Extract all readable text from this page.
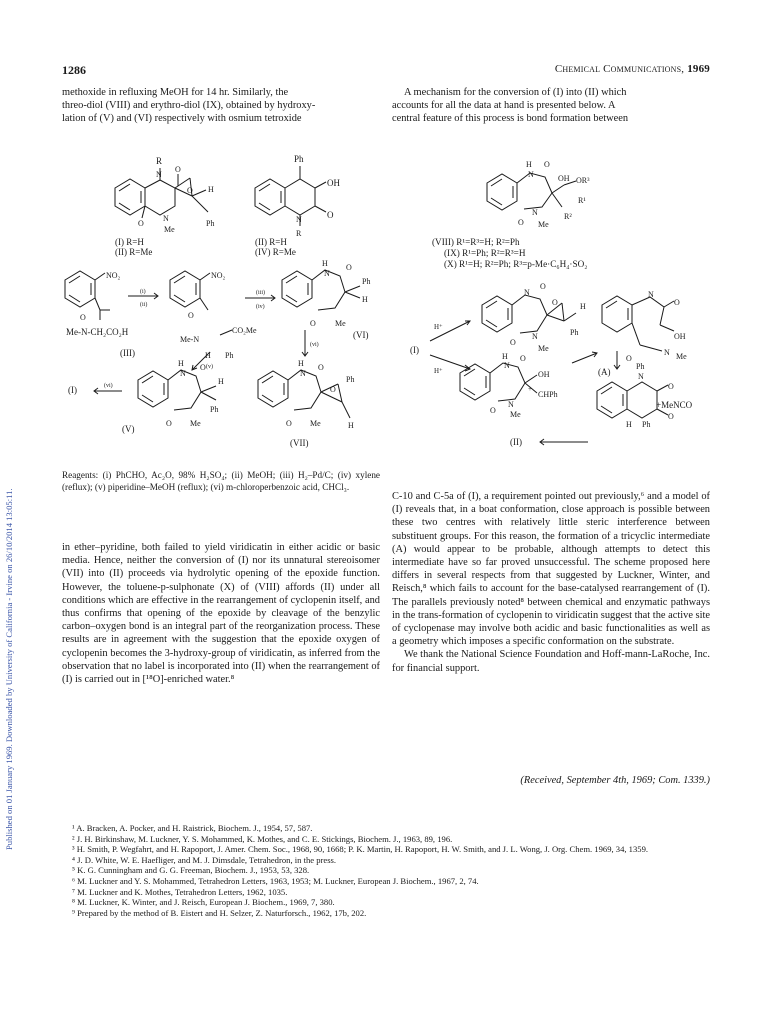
Published on 01 January 1969. Downloaded by University of California - Irvine on 26/10/2014 13:05:11.
1286	Chemical Communications, 1969

methoxide in refluxing MeOH for 14 hr. Similarly, the

threo-diol (VIII) and erythro-diol (IX), obtained by hydroxy-

lation of (V) and (VI) respectively with osmium tetroxide

A mechanism for the conversion of (I) into (II) which

accounts for all the data at hand is presented below. A

central feature of this process is bond formation between

R
N
O
N
Me
O
H
Ph
O
(I) R=H
(II) R=Me
Ph
OH
O
N
R
(II) R=H
(IV) R=Me
NO₂
O
Me-N-CH₂CO₂H
(III)
(i)
(ii)
NO₂
O
Me-N
CO₂Me
H Ph
(iii)
(iv)
H
N
O
Ph
H
O Me
(VI)
(vi)
(v)
(I)	(vi)
H
N
O
H
Ph
O Me
(V)
H
N
O
O
Ph
H
O Me
(VII)
H
N
O
OH OR³
R¹
R²
N
O Me
(VIII) R¹=R³=H; R²=Ph
(IX) R¹=Ph; R²=R³=H
(X) R¹=H; R²=Ph; R³=p-Me·C₆H₄·SO₂
(I)
H⁺
H⁺
N
O
O	H
Ph
N
Me
O
N
O
OH
N Me
O
Ph
(A)
H
N
O
OH
CHPh
+
N
O Me
N
O
O
H Ph
+MeNCO
(II)
Reagents: (i) PhCHO, Ac₂O, 98% H₂SO₄; (ii) MeOH; (iii) H₂–Pd/C; (iv) xylene (reflux); (v) piperidine–MeOH (reflux); (vi) m-chloroperbenzoic acid, CHCl₃.

in ether–pyridine, both failed to yield viridicatin in either acidic or basic media. Hence, neither the conversion of (I) nor its unnatural stereoisomer (VII) into (II) proceeds via hydrolytic opening of the epoxide function. However, the toluene-p-sulphonate (X) of (VIII) affords (II) under all conditions which are effective in the rearrangement of cyclopenin itself, and thus confirms that opening of the epoxide by cleavage of the benzylic carbon–oxygen bond is an integral part of the reorganization process. These results are in agreement with the suggestion that the epoxide oxygen of cyclopenin becomes the 3-hydroxy-group of viridicatin, as inferred from the observation that no label is incorporated into (II) when the rearrangement of (I) is carried out in [¹⁸O]-enriched water.⁸

C-10 and C-5a of (I), a requirement pointed out previously,⁶ and a model of (I) reveals that, in a boat conformation, close approach is possible between these two centres with relatively little steric interference between substituent groups. For this reason, the formation of a tricyclic intermediate (A) would appear to be probable, although attempts to detect this intermediate have so far proved unsuccessful. The scheme proposed here differs in several respects from that suggested by Luckner, Winter, and Reisch,⁸ which fails to account for the base-catalysed rearrangement of (I). The parallels previously noted⁸ between chemical and enzymatic pathways in the trans-formation of cyclopenin to viridicatin suggest that the active site of cyclopenase may involve both acidic and basic functionalities as well as a geometry which imposes a specific conformation on the substrate.

We thank the National Science Foundation and Hoff-mann-LaRoche, Inc. for financial support.

(Received, September 4th, 1969; Com. 1339.)
¹ A. Bracken, A. Pocker, and H. Raistrick, Biochem. J., 1954, 57, 587.
² J. H. Birkinshaw, M. Luckner, Y. S. Mohammed, K. Mothes, and C. E. Stickings, Biochem. J., 1963, 89, 196.
³ H. Smith, P. Wegfahrt, and H. Rapoport, J. Amer. Chem. Soc., 1968, 90, 1668; P. K. Martin, H. Rapoport, H. W. Smith, and J. L. Wong, J. Org. Chem. 1969, 34, 1359.
⁴ J. D. White, W. E. Haefliger, and M. J. Dimsdale, Tetrahedron, in the press.
⁵ K. G. Cunningham and G. G. Freeman, Biochem. J., 1953, 53, 328.
⁶ M. Luckner and Y. S. Mohammed, Tetrahedron Letters, 1963, 1953; M. Luckner, European J. Biochem., 1967, 2, 74.
⁷ M. Luckner and K. Mothes, Tetrahedron Letters, 1962, 1035.
⁸ M. Luckner, K. Winter, and J. Reisch, European J. Biochem., 1969, 7, 380.
⁹ Prepared by the method of B. Eistert and H. Selzer, Z. Naturforsch., 1962, 17b, 202.
